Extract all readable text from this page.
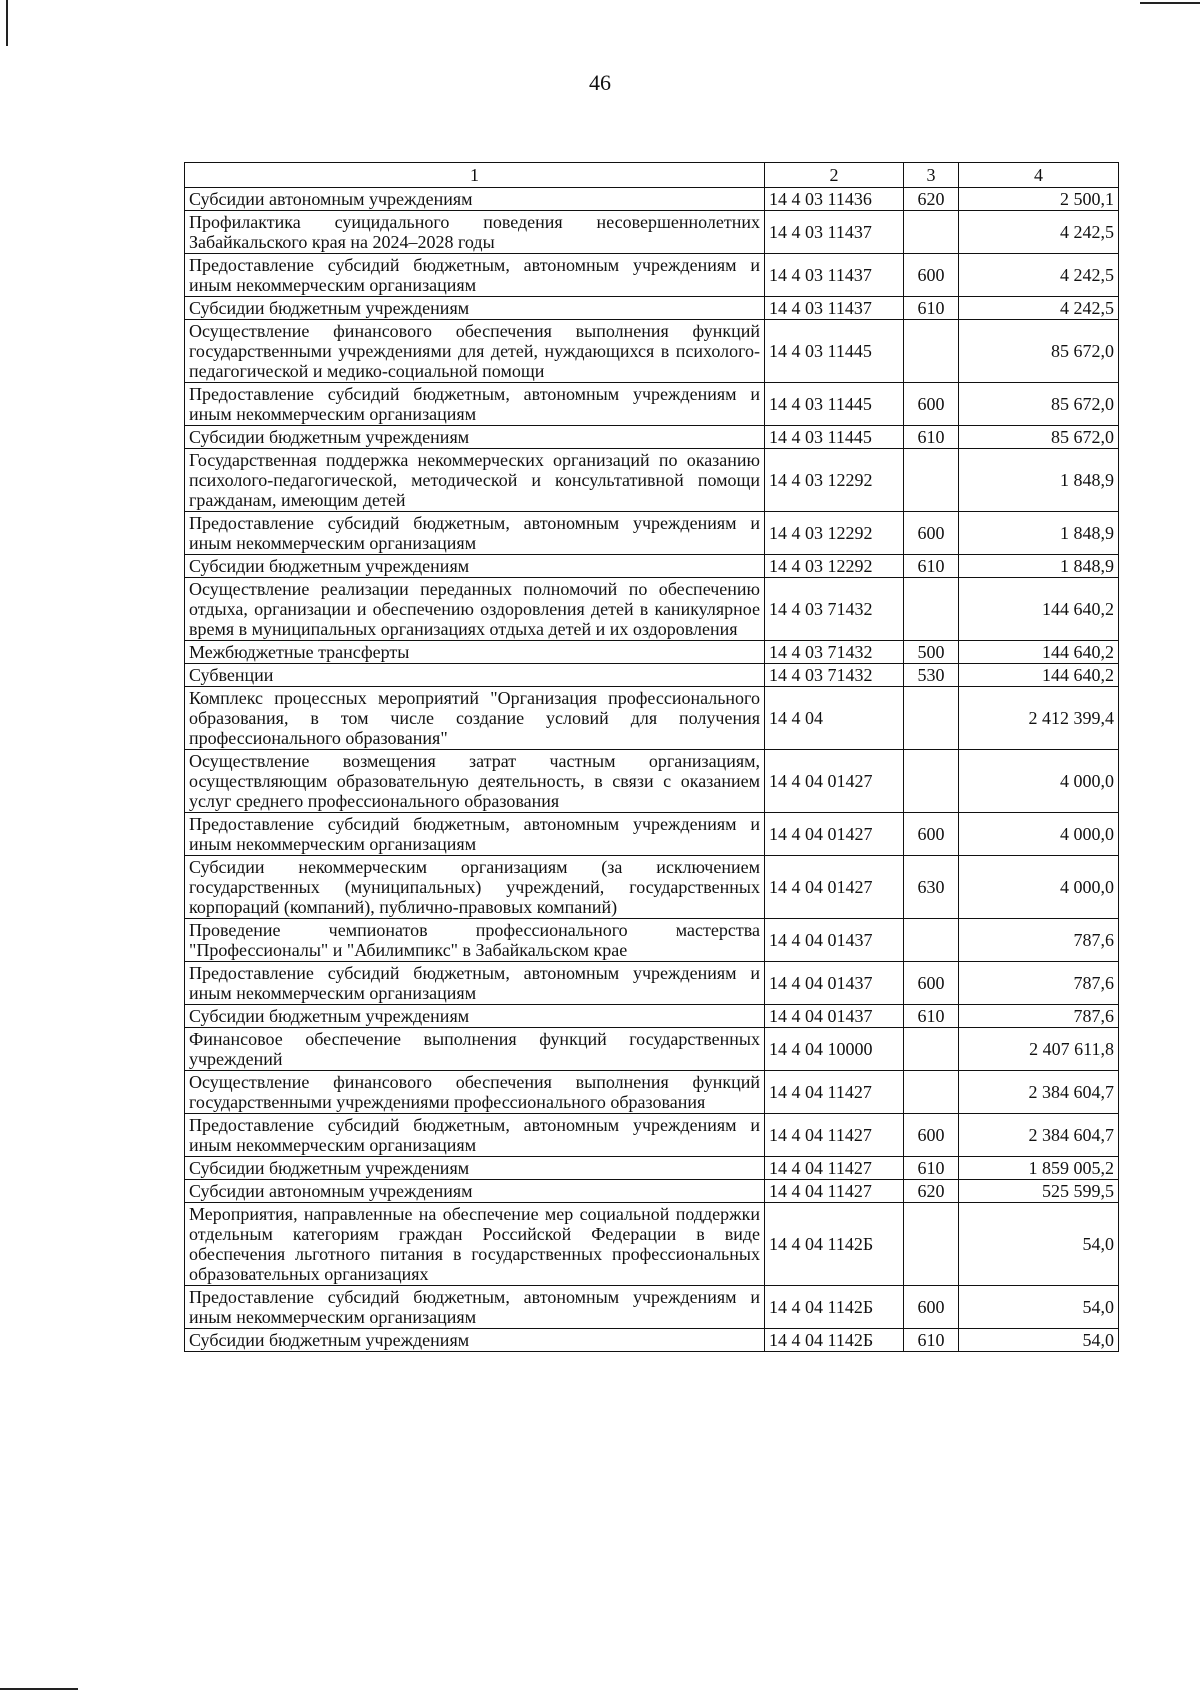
46
1	2	3	4
Субсидии автономным учреждениям	14 4 03 11436	620	2 500,1
Профилактика суицидального поведения несовершеннолетних Забайкальского края на 2024–2028 годы	14 4 03 11437		4 242,5
Предоставление субсидий бюджетным, автономным учреждениям и иным некоммерческим организациям	14 4 03 11437	600	4 242,5
Субсидии бюджетным учреждениям	14 4 03 11437	610	4 242,5
Осуществление финансового обеспечения выполнения функций государственными учреждениями для детей, нуждающихся в психолого-педагогической и медико-социальной помощи	14 4 03 11445		85 672,0
Предоставление субсидий бюджетным, автономным учреждениям и иным некоммерческим организациям	14 4 03 11445	600	85 672,0
Субсидии бюджетным учреждениям	14 4 03 11445	610	85 672,0
Государственная поддержка некоммерческих организаций по оказанию психолого-педагогической, методической и консультативной помощи гражданам, имеющим детей	14 4 03 12292		1 848,9
Предоставление субсидий бюджетным, автономным учреждениям и иным некоммерческим организациям	14 4 03 12292	600	1 848,9
Субсидии бюджетным учреждениям	14 4 03 12292	610	1 848,9
Осуществление реализации переданных полномочий по обеспечению отдыха, организации и обеспечению оздоровления детей в каникулярное время в муниципальных организациях отдыха детей и их оздоровления	14 4 03 71432		144 640,2
Межбюджетные трансферты	14 4 03 71432	500	144 640,2
Субвенции	14 4 03 71432	530	144 640,2
Комплекс процессных мероприятий "Организация профессионального образования, в том числе создание условий для получения профессионального образования"	14 4 04		2 412 399,4
Осуществление возмещения затрат частным организациям, осуществляющим образовательную деятельность, в связи с оказанием услуг среднего профессионального образования	14 4 04 01427		4 000,0
Предоставление субсидий бюджетным, автономным учреждениям и иным некоммерческим организациям	14 4 04 01427	600	4 000,0
Субсидии некоммерческим организациям (за исключением государственных (муниципальных) учреждений, государственных корпораций (компаний), публично-правовых компаний)	14 4 04 01427	630	4 000,0
Проведение чемпионатов профессионального мастерства "Профессионалы" и "Абилимпикс" в Забайкальском крае	14 4 04 01437		787,6
Предоставление субсидий бюджетным, автономным учреждениям и иным некоммерческим организациям	14 4 04 01437	600	787,6
Субсидии бюджетным учреждениям	14 4 04 01437	610	787,6
Финансовое обеспечение выполнения функций государственных учреждений	14 4 04 10000		2 407 611,8
Осуществление финансового обеспечения выполнения функций государственными учреждениями профессионального образования	14 4 04 11427		2 384 604,7
Предоставление субсидий бюджетным, автономным учреждениям и иным некоммерческим организациям	14 4 04 11427	600	2 384 604,7
Субсидии бюджетным учреждениям	14 4 04 11427	610	1 859 005,2
Субсидии автономным учреждениям	14 4 04 11427	620	525 599,5
Мероприятия, направленные на обеспечение мер социальной поддержки отдельным категориям граждан Российской Федерации в виде обеспечения льготного питания в государственных профессиональных образовательных организациях	14 4 04 1142Б		54,0
Предоставление субсидий бюджетным, автономным учреждениям и иным некоммерческим организациям	14 4 04 1142Б	600	54,0
Субсидии бюджетным учреждениям	14 4 04 1142Б	610	54,0
